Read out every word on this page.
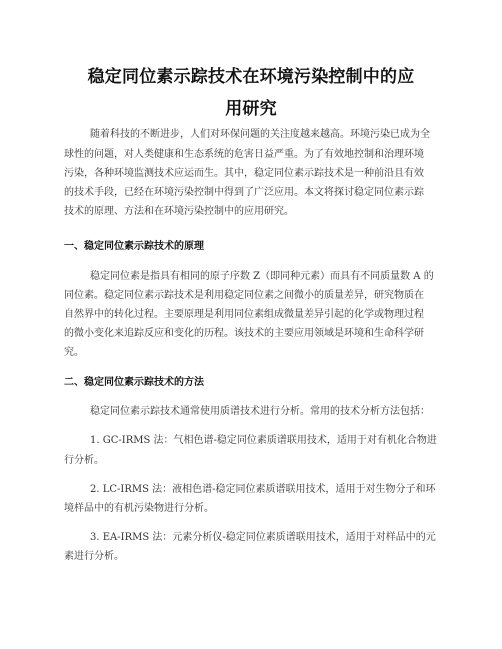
稳定同位素示踪技术在环境污染控制中的应
用研究
随着科技的不断进步，人们对环保问题的关注度越来越高。环境污染已成为全
球性的问题，对人类健康和生态系统的危害日益严重。为了有效地控制和治理环境
污染，各种环境监测技术应运而生。其中，稳定同位素示踪技术是一种前沿且有效
的技术手段，已经在环境污染控制中得到了广泛应用。本文将探讨稳定同位素示踪
技术的原理、方法和在环境污染控制中的应用研究。
一、稳定同位素示踪技术的原理
稳定同位素是指具有相同的原子序数 Z（即同种元素）而具有不同质量数 A 的
同位素。稳定同位素示踪技术是利用稳定同位素之间微小的质量差异，研究物质在
自然界中的转化过程。主要原理是利用同位素组成微量差异引起的化学或物理过程
的微小变化来追踪反应和变化的历程。该技术的主要应用领域是环境和生命科学研
究。
二、稳定同位素示踪技术的方法
稳定同位素示踪技术通常使用质谱技术进行分析。常用的技术分析方法包括：
1. GC-IRMS 法：气相色谱-稳定同位素质谱联用技术，适用于对有机化合物进
行分析。
2. LC-IRMS 法：液相色谱-稳定同位素质谱联用技术，适用于对生物分子和环
境样品中的有机污染物进行分析。
3. EA-IRMS 法：元素分析仪-稳定同位素质谱联用技术，适用于对样品中的元
素进行分析。
